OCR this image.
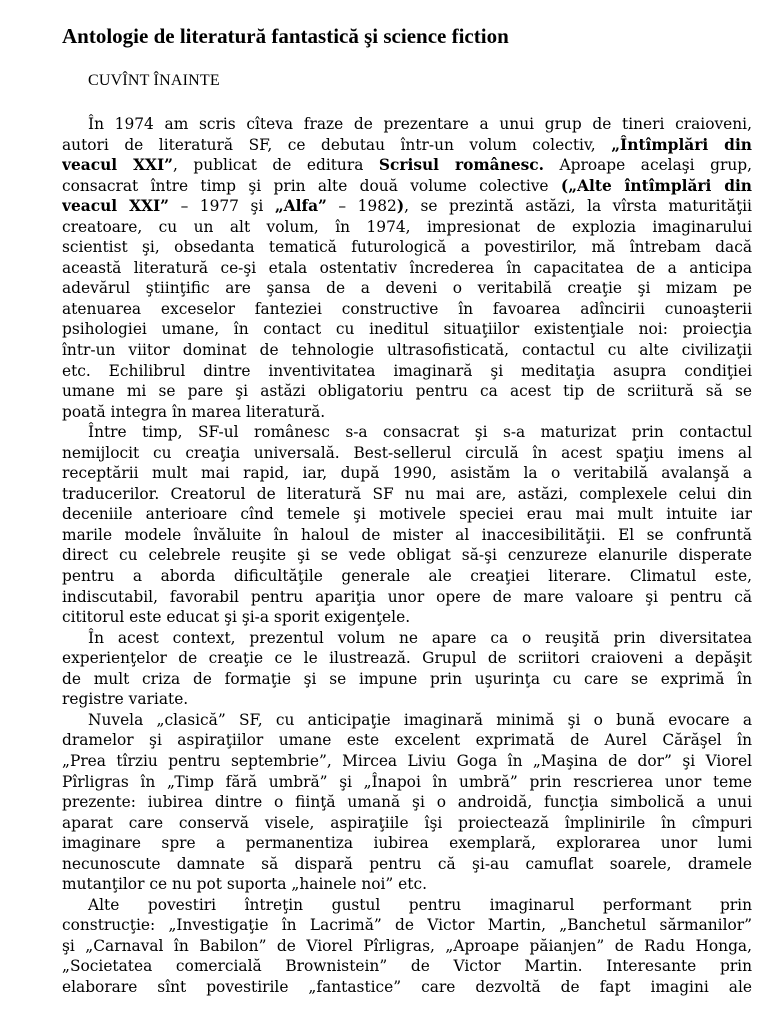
Antologie de literatură fantastică şi science fiction
CUVÎNT ÎNAINTE
În 1974 am scris cîteva fraze de prezentare a unui grup de tineri craioveni,
autori de literatură SF, ce debutau într-un volum colectiv, „Întîmplări din
veacul XXI”, publicat de editura Scrisul românesc. Aproape acelaşi grup,
consacrat între timp şi prin alte două volume colective („Alte întîmplări din
veacul XXI” – 1977 şi „Alfa” – 1982), se prezintă astăzi, la vîrsta maturităţii
creatoare, cu un alt volum, în 1974, impresionat de explozia imaginarului
scientist şi, obsedanta tematică futurologică a povestirilor, mă întrebam dacă
această literatură ce-şi etala ostentativ încrederea în capacitatea de a anticipa
adevărul ştiinţific are şansa de a deveni o veritabilă creaţie şi mizam pe
atenuarea exceselor fanteziei constructive în favoarea adîncirii cunoaşterii
psihologiei umane, în contact cu ineditul situaţiilor existenţiale noi: proiecţia
într-un viitor dominat de tehnologie ultrasofisticată, contactul cu alte civilizaţii
etc. Echilibrul dintre inventivitatea imaginară şi meditaţia asupra condiţiei
umane mi se pare şi astăzi obligatoriu pentru ca acest tip de scriitură să se
poată integra în marea literatură.
Între timp, SF-ul românesc s-a consacrat şi s-a maturizat prin contactul
nemijlocit cu creaţia universală. Best-sellerul circulă în acest spaţiu imens al
receptării mult mai rapid, iar, după 1990, asistăm la o veritabilă avalanşă a
traducerilor. Creatorul de literatură SF nu mai are, astăzi, complexele celui din
deceniile anterioare cînd temele şi motivele speciei erau mai mult intuite iar
marile modele învăluite în haloul de mister al inaccesibilităţii. El se confruntă
direct cu celebrele reuşite şi se vede obligat să-şi cenzureze elanurile disperate
pentru a aborda dificultăţile generale ale creaţiei literare. Climatul este,
indiscutabil, favorabil pentru apariţia unor opere de mare valoare şi pentru că
cititorul este educat şi şi-a sporit exigenţele.
În acest context, prezentul volum ne apare ca o reuşită prin diversitatea
experienţelor de creaţie ce le ilustrează. Grupul de scriitori craioveni a depăşit
de mult criza de formaţie şi se impune prin uşurinţa cu care se exprimă în
registre variate.
Nuvela „clasică” SF, cu anticipaţie imaginară minimă şi o bună evocare a
dramelor şi aspiraţiilor umane este excelent exprimată de Aurel Cărăşel în
„Prea tîrziu pentru septembrie”, Mircea Liviu Goga în „Maşina de dor” şi Viorel
Pîrligras în „Timp fără umbră” şi „Înapoi în umbră” prin rescrierea unor teme
prezente: iubirea dintre o fiinţă umană şi o androidă, funcţia simbolică a unui
aparat care conservă visele, aspiraţiile îşi proiectează împlinirile în cîmpuri
imaginare spre a permanentiza iubirea exemplară, explorarea unor lumi
necunoscute damnate să dispară pentru că şi-au camuflat soarele, dramele
mutanţilor ce nu pot suporta „hainele noi” etc.
Alte povestiri întreţin gustul pentru imaginarul performant prin
construcţie: „Investigaţie în Lacrimă” de Victor Martin, „Banchetul sărmanilor”
şi „Carnaval în Babilon” de Viorel Pîrligras, „Aproape păianjen” de Radu Honga,
„Societatea comercială Brownistein” de Victor Martin. Interesante prin
elaborare sînt povestirile „fantastice” care dezvoltă de fapt imagini ale
